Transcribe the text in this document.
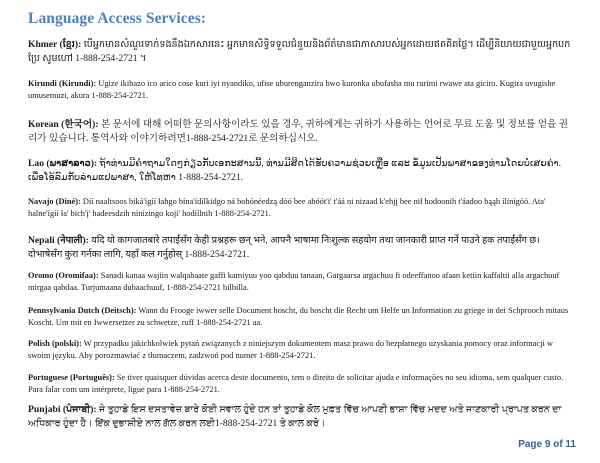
Language Access Services:
Khmer (ខ្មែរ): បើអ្នកមានសំណួរទាក់ទងនឹងឯកសារនេះ អ្នកមានសិទ្ធិទទួលជំនួយនិងព័ត៌មានជាភាសារបស់អ្នកដោយឥតគិតថ្លៃ។ ដើម្បីនិយាយជាមួយអ្នកបកប្រែ សូមហៅ 1-888-254-2721 ។
Kirundi (Kirundi): Ugize ikibazo ico arico cose kuri iyi nyandiko, ufise uburenganzira bwo kuronka ubufasha mu rurimi rwawe ata giciro. Kugira uvugishe umusemuzi, akura 1-888-254-2721.
Korean (한국어): 본 문서에 대해 어떠한 문의사항이라도 있을 경우, 귀하에게는 귀하가 사용하는 언어로 무료 도움 및 정보를 얻을 권리가 있습니다. 통역사와 이야기하려면1-888-254-2721로 문의하십시오.
Lao (ພາສາລາວ): ຖ້າທ່ານມີຄຳຖາມໃດໆກ່ຽວກັບເອກະສານນີ້, ທ່ານມີສິດໄດ້ຮັບຄວາມຊ່ວຍເຫຼືອ ແລະ ຂໍ້ມູນເປັນພາສາຂອງທ່ານໂດຍບໍ່ເສຍຄ່າ. ເພື່ອໂອ້ລົມກັບລ່າມແປພາສາ, ໃຫ້ໂທຫາ 1-888-254-2721.
Navajo (Diné): Díí naaltsoos biká'ígíí łahgo bína'ídílkidgo ná bohónéedzą dóó bee ahóót'i' t'áá ni nizaad k'ehjį bee nił hodoonih t'áadoo bąąh ílínígóó. Ata' halne'ígíí ła' bich'į' hadeesdzih nínízingo koji' hodíílnih 1-888-254-2721.
Nepali (नेपाली): यदि यो कागजातबारे तपाईंसँग केही प्रश्नहरू छन् भने, आफ्नै भाषामा निःशुल्क सहयोग तथा जानकारी प्राप्त गर्ने पाउने हक तपाईंसँग छ। दोभाषेसँग कुरा गर्नका लागि, यहाँ कल गर्नुहोस् 1-888-254-2721.
Oromo (Oromifaa): Sanadi kanaa wajiin walqabaate gaffi kamiyuu yoo qabduu tanaan, Gargaarsa argachuu fi odeeffanoo afaan ketiin kaffaltii alla argachuuf mirgaa qabdaa. Turjumaana dubaachuuf, 1-888-254-2721 bilbilla.
Pennsylvania Dutch (Deitsch): Wann du Frooge iwwer selle Document hoscht, du hoscht die Recht um Helfe un Information zu griege in dei Schprooch mitaus Koscht. Um mit en Iwwersetzer zu schwetze, ruff 1-888-254-2721 aa.
Polish (polski): W przypadku jakichkolwiek pytań związanych z niniejszym dokumentem masz prawo do bezpłatnego uzyskania pomocy oraz informacji w swoim języku. Aby porozmawiać z tłumaczem, zadzwoń pod numer 1-888-254-2721.
Portuguese (Português): Se tiver quaisquer dúvidas acerca deste documento, tem o direito de solicitar ajuda e informações no seu idioma, sem qualquer custo. Para falar com um intérprete, ligue para 1-888-254-2721.
Punjabi (ਪੰਜਾਬੀ): ਜੇ ਤੁਹਾਡੇ ਇਸ ਦਸਤਾਵੇਜ਼ ਬਾਰੇ ਕੋਈ ਸਵਾਲ ਹੁੰਦੇ ਹਨ ਤਾਂ ਤੁਹਾਡੇ ਕੋਲ ਮੁਫ਼ਤ ਵਿੱਚ ਆਪਣੀ ਭਾਸ਼ਾ ਵਿੱਚ ਮਦਦ ਅਤੇ ਜਾਣਕਾਰੀ ਪ੍ਰਾਪਤ ਕਰਨ ਦਾ ਅਧਿਕਾਰ ਹੁੰਦਾ ਹੈ। ਇੱਕ ਦੁਭਾਸ਼ੀਏ ਨਾਲ ਗੱਲ ਕਰਨ ਲਈ1-888-254-2721 ਤੇ ਕਾਲ ਕਰੋ।
Page 9 of 11
